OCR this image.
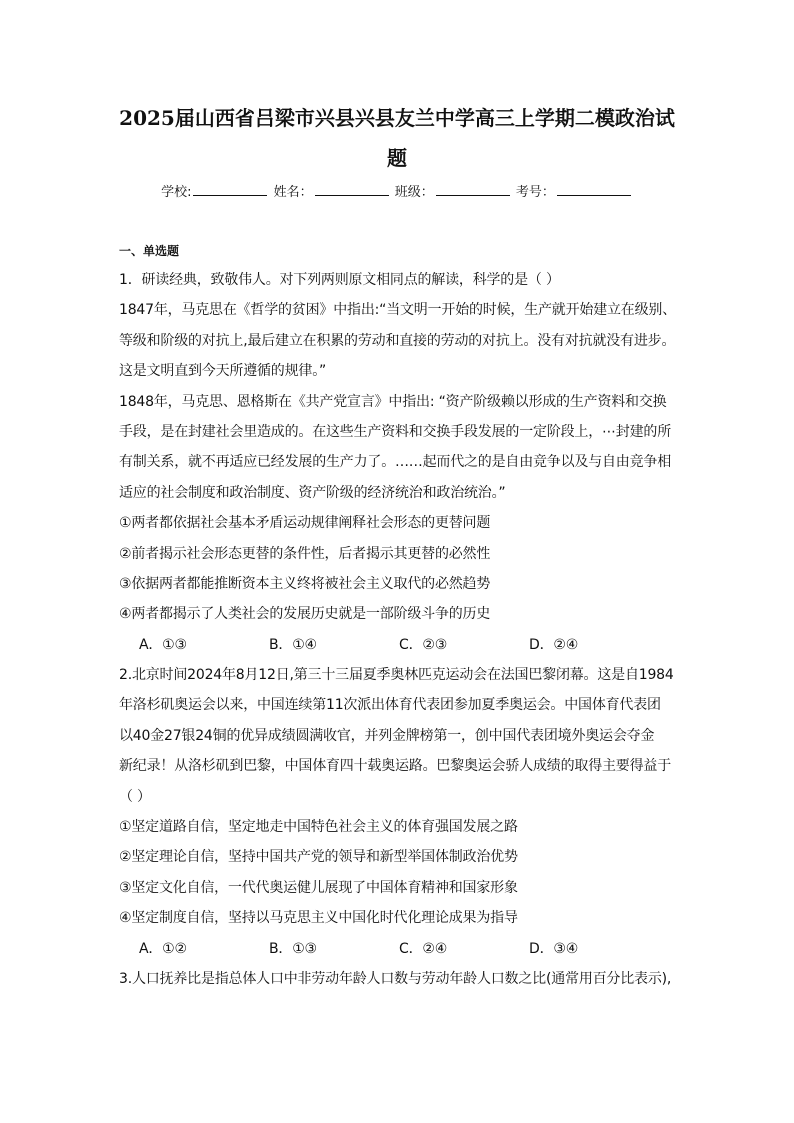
2025届山西省吕梁市兴县兴县友兰中学高三上学期二模政治试
题
学校:	姓名：	班级：	考号：
一、单选题
1．研读经典，致敬伟人。对下列两则原文相同点的解读，科学的是（ ）
1847年，马克思在《哲学的贫困》中指出:“当文明一开始的时候，生产就开始建立在级别、
等级和阶级的对抗上,最后建立在积累的劳动和直接的劳动的对抗上。没有对抗就没有进步。
这是文明直到今天所遵循的规律。”
1848年，马克思、恩格斯在《共产党宣言》中指出: “资产阶级赖以形成的生产资料和交换
手段，是在封建社会里造成的。在这些生产资料和交换手段发展的一定阶段上，⋯封建的所
有制关系，就不再适应已经发展的生产力了。……起而代之的是自由竞争以及与自由竞争相
适应的社会制度和政治制度、资产阶级的经济统治和政治统治。”
①两者都依据社会基本矛盾运动规律阐释社会形态的更替问题
②前者揭示社会形态更替的条件性，后者揭示其更替的必然性
③依据两者都能推断资本主义终将被社会主义取代的必然趋势
④两者都揭示了人类社会的发展历史就是一部阶级斗争的历史
A．①③	B．①④	C．②③	D．②④
2.北京时间2024年8月12日,第三十三届夏季奥林匹克运动会在法国巴黎闭幕。这是自1984
年洛杉矶奥运会以来，中国连续第11次派出体育代表团参加夏季奥运会。中国体育代表团
以40金27银24铜的优异成绩圆满收官，并列金牌榜第一，创中国代表团境外奥运会夺金
新纪录！从洛杉矶到巴黎，中国体育四十载奥运路。巴黎奥运会骄人成绩的取得主要得益于
（ ）
①坚定道路自信，坚定地走中国特色社会主义的体育强国发展之路
②坚定理论自信，坚持中国共产党的领导和新型举国体制政治优势
③坚定文化自信，一代代奥运健儿展现了中国体育精神和国家形象
④坚定制度自信，坚持以马克思主义中国化时代化理论成果为指导
A．①②	B．①③	C．②④	D．③④
3.人口抚养比是指总体人口中非劳动年龄人口数与劳动年龄人口数之比(通常用百分比表示),
